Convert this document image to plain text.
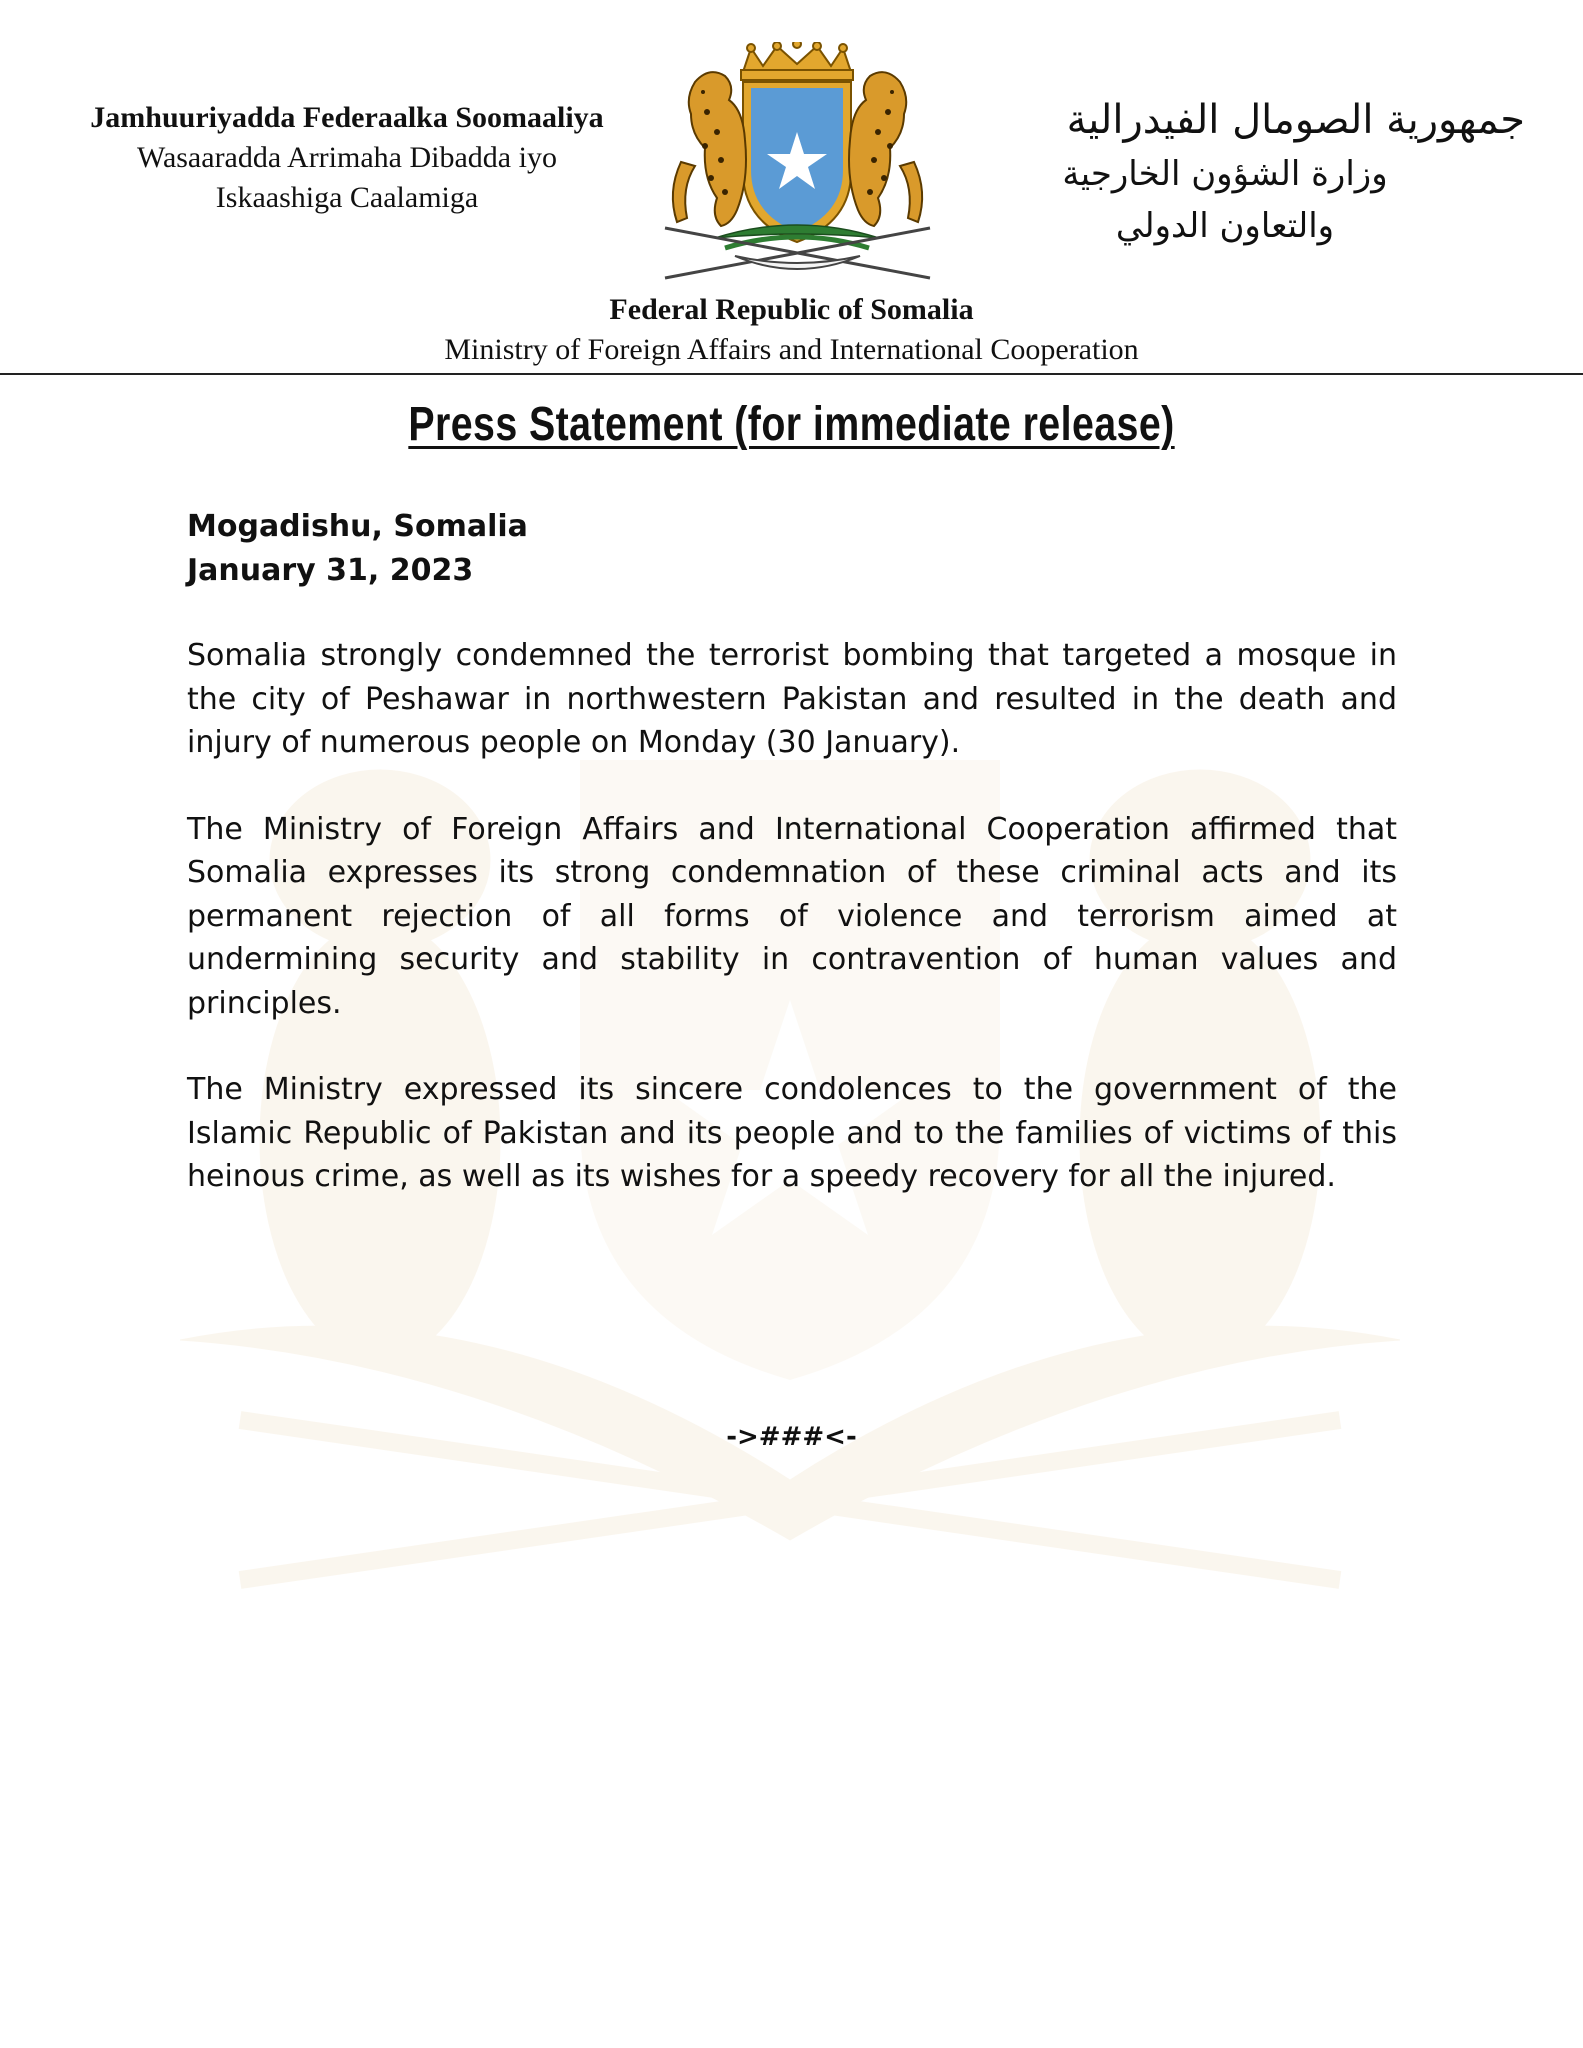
Jamhuuriyadda Federaalka Soomaaliya
Wasaaradda Arrimaha Dibadda iyo
Iskaashiga Caalamiga
جمهورية الصومال الفيدرالية
وزارة الشؤون الخارجية
والتعاون الدولي
Federal Republic of Somalia
Ministry of Foreign Affairs and International Cooperation
Press Statement (for immediate release)

Mogadishu, Somalia

January 31, 2023

Somalia strongly condemned the terrorist bombing that targeted a mosque in the city of Peshawar in northwestern Pakistan and resulted in the death and injury of numerous people on Monday (30 January).

The Ministry of Foreign Affairs and International Cooperation affirmed that Somalia expresses its strong condemnation of these criminal acts and its permanent rejection of all forms of violence and terrorism aimed at undermining security and stability in contravention of human values and principles.

The Ministry expressed its sincere condolences to the government of the Islamic Republic of Pakistan and its people and to the families of victims of this heinous crime, as well as its wishes for a speedy recovery for all the injured.

->###<-
